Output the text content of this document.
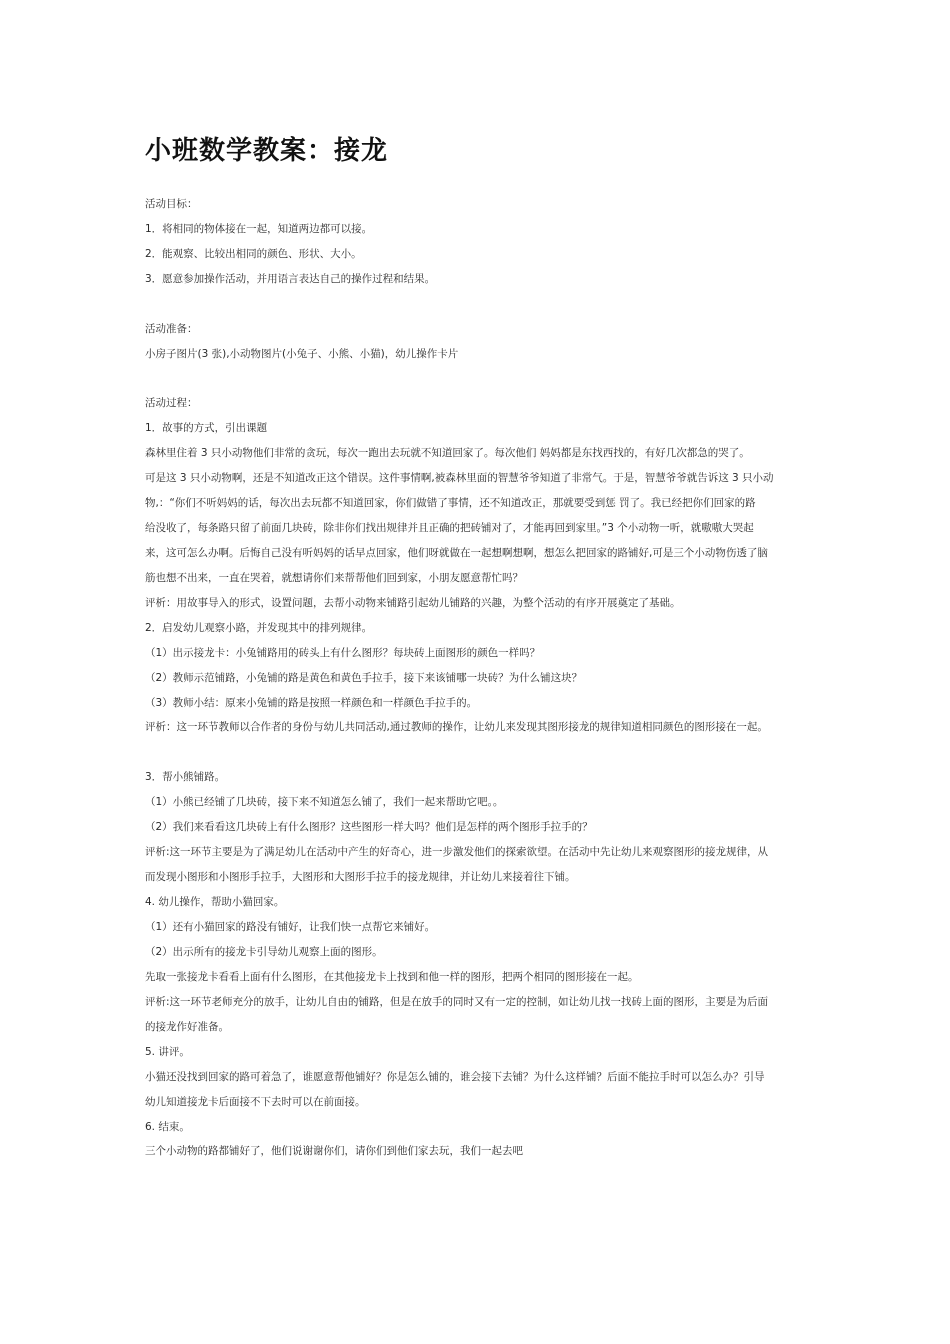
小班数学教案：接龙
活动目标：
1．将相同的物体接在一起，知道两边都可以接。
2．能观察、比较出相同的颜色、形状、大小。
3．愿意参加操作活动，并用语言表达自己的操作过程和结果。
活动准备：
小房子图片(3 张),小动物图片(小兔子、小熊、小猫)，幼儿操作卡片
活动过程：
1．故事的方式，引出课题
森林里住着 3 只小动物他们非常的贪玩，每次一跑出去玩就不知道回家了。每次他们 妈妈都是东找西找的，有好几次都急的哭了。
可是这 3 只小动物啊，还是不知道改正这个错误。这件事情啊,被森林里面的智慧爷爷知道了非常气。于是，智慧爷爷就告诉这 3 只小动
物,：“你们不听妈妈的话，每次出去玩都不知道回家，你们做错了事情，还不知道改正，那就要受到惩 罚了。我已经把你们回家的路
给没收了，每条路只留了前面几块砖，除非你们找出规律并且正确的把砖铺对了，才能再回到家里。”3 个小动物一听，就嗷嗷大哭起
来，这可怎么办啊。后悔自己没有听妈妈的话早点回家，他们呀就做在一起想啊想啊，想怎么把回家的路铺好,可是三个小动物伤透了脑
筋也想不出来，一直在哭着，就想请你们来帮帮他们回到家，小朋友愿意帮忙吗？
评析：用故事导入的形式，设置问题，去帮小动物来铺路引起幼儿铺路的兴趣，为整个活动的有序开展奠定了基础。
2．启发幼儿观察小路，并发现其中的排列规律。
（1）出示接龙卡：小兔铺路用的砖头上有什么图形？每块砖上面图形的颜色一样吗？
（2）教师示范铺路，小兔铺的路是黄色和黄色手拉手，接下来该铺哪一块砖？为什么铺这块？
（3）教师小结：原来小兔铺的路是按照一样颜色和一样颜色手拉手的。
评析：这一环节教师以合作者的身份与幼儿共同活动,通过教师的操作，让幼儿来发现其图形接龙的规律知道相同颜色的图形接在一起。
3．帮小熊铺路。
（1）小熊已经铺了几块砖，接下来不知道怎么铺了，我们一起来帮助它吧。。
（2）我们来看看这几块砖上有什么图形？这些图形一样大吗？他们是怎样的两个图形手拉手的？
评析:这一环节主要是为了满足幼儿在活动中产生的好奇心，进一步激发他们的探索欲望。在活动中先让幼儿来观察图形的接龙规律，从
而发现小图形和小图形手拉手，大图形和大图形手拉手的接龙规律，并让幼儿来接着往下铺。
4. 幼儿操作，帮助小猫回家。
（1）还有小猫回家的路没有铺好，让我们快一点帮它来铺好。
（2）出示所有的接龙卡引导幼儿观察上面的图形。
先取一张接龙卡看看上面有什么图形，在其他接龙卡上找到和他一样的图形，把两个相同的图形接在一起。
评析:这一环节老师充分的放手，让幼儿自由的铺路，但是在放手的同时又有一定的控制，如让幼儿找一找砖上面的图形，主要是为后面
的接龙作好准备。
5. 讲评。
小猫还没找到回家的路可着急了，谁愿意帮他铺好？你是怎么铺的，谁会接下去铺？为什么这样铺？后面不能拉手时可以怎么办？引导
幼儿知道接龙卡后面接不下去时可以在前面接。
6. 结束。
三个小动物的路都铺好了，他们说谢谢你们，请你们到他们家去玩，我们一起去吧
